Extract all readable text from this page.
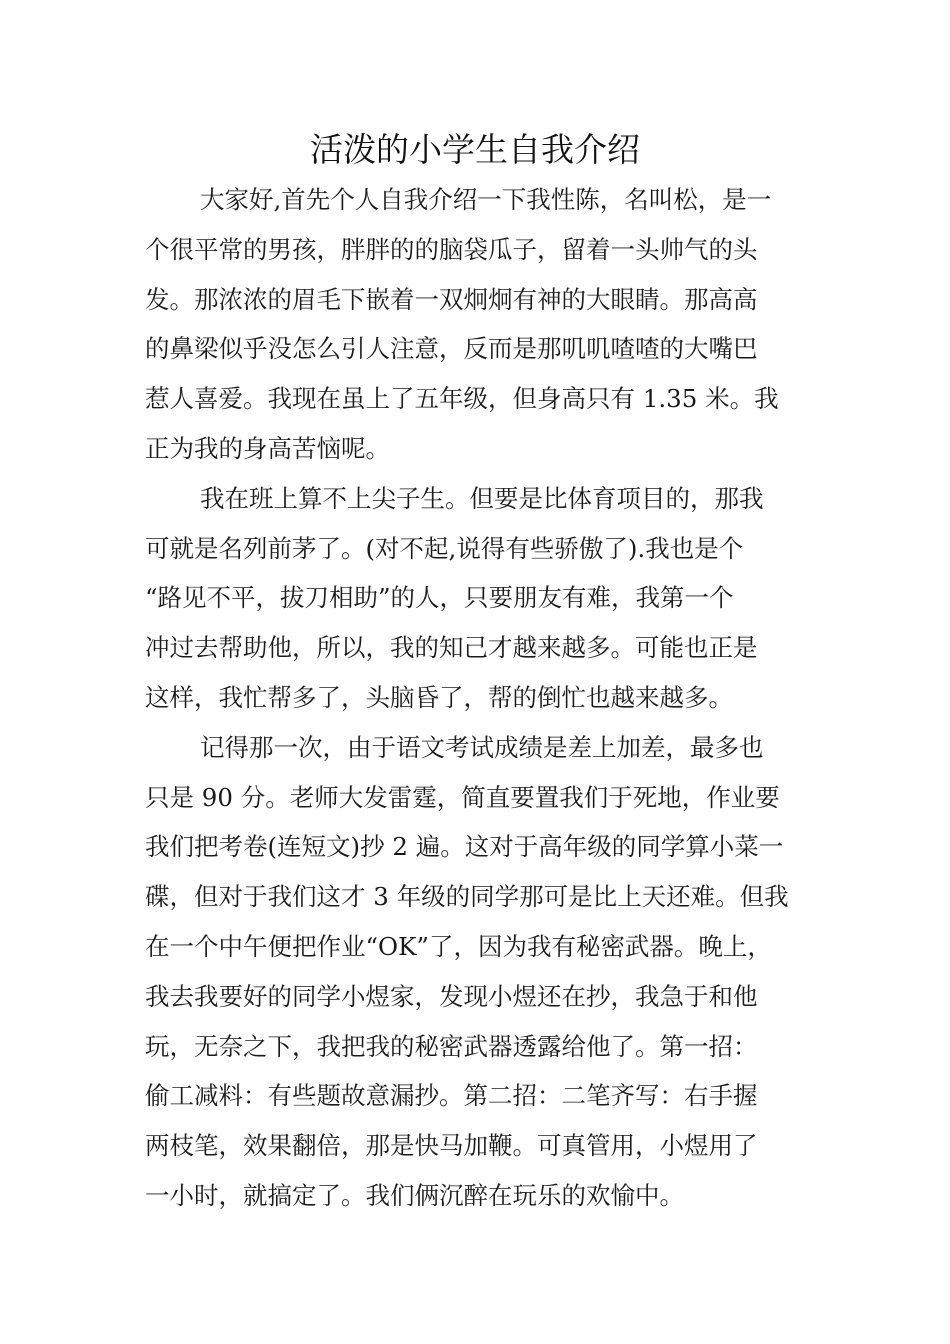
活泼的小学生自我介绍
大家好,首先个人自我介绍一下我性陈，名叫松，是一
个很平常的男孩，胖胖的的脑袋瓜子，留着一头帅气的头
发。那浓浓的眉毛下嵌着一双炯炯有神的大眼睛。那高高
的鼻梁似乎没怎么引人注意，反而是那叽叽喳喳的大嘴巴
惹人喜爱。我现在虽上了五年级，但身高只有 1.35 米。我
正为我的身高苦恼呢。
我在班上算不上尖子生。但要是比体育项目的，那我
可就是名列前茅了。(对不起,说得有些骄傲了).我也是个
“路见不平，拔刀相助”的人，只要朋友有难，我第一个
冲过去帮助他，所以，我的知己才越来越多。可能也正是
这样，我忙帮多了，头脑昏了，帮的倒忙也越来越多。
记得那一次，由于语文考试成绩是差上加差，最多也
只是 90 分。老师大发雷霆，简直要置我们于死地，作业要
我们把考卷(连短文)抄 2 遍。这对于高年级的同学算小菜一
碟，但对于我们这才 3 年级的同学那可是比上天还难。但我
在一个中午便把作业“OK”了，因为我有秘密武器。晚上，
我去我要好的同学小煜家，发现小煜还在抄，我急于和他
玩，无奈之下，我把我的秘密武器透露给他了。第一招：
偷工减料：有些题故意漏抄。第二招：二笔齐写：右手握
两枝笔，效果翻倍，那是快马加鞭。可真管用，小煜用了
一小时，就搞定了。我们俩沉醉在玩乐的欢愉中。
